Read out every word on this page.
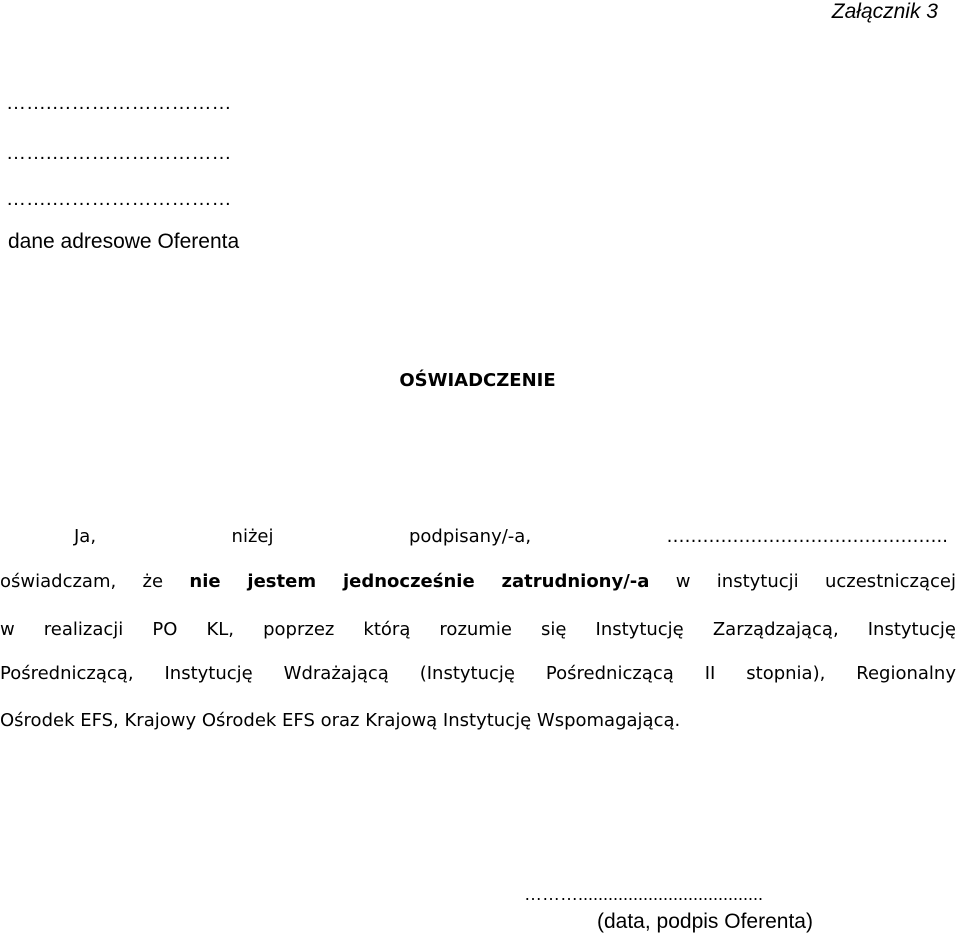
Załącznik 3
…….………………………
…….………………………
…….………………………
dane adresowe Oferenta
OŚWIADCZENIE
Ja,	niżej	podpisany/-a,	………………………………………..
oświadczam, że nie jestem jednocześnie zatrudniony/-a w instytucji uczestniczącej
w realizacji PO KL, poprzez którą rozumie się Instytucję Zarządzającą, Instytucję
Pośredniczącą, Instytucję Wdrażającą (Instytucję Pośredniczącą II stopnia), Regionalny
Ośrodek EFS, Krajowy Ośrodek EFS oraz Krajową Instytucję Wspomagającą.
……….....................................
(data, podpis Oferenta)
